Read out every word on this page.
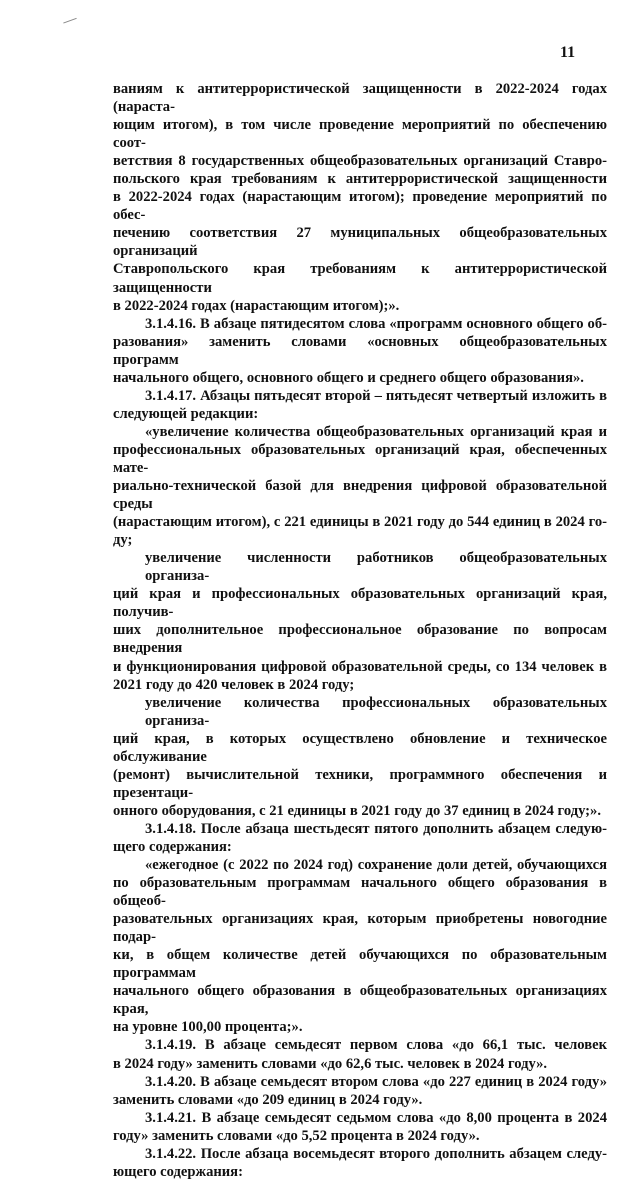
11

ваниям к антитеррористической защищенности в 2022-2024 годах (нараста-
ющим итогом), в том числе проведение мероприятий по обеспечению соот-
ветствия 8 государственных общеобразовательных организаций Ставро-
польского края требованиям к антитеррористической защищенности
в 2022-2024 годах (нарастающим итогом); проведение мероприятий по обес-
печению соответствия 27 муниципальных общеобразовательных организаций
Ставропольского края требованиям к антитеррористической защищенности
в 2022-2024 годах (нарастающим итогом);».

3.1.4.16. В абзаце пятидесятом слова «программ основного общего об-
разования» заменить словами «основных общеобразовательных программ
начального общего, основного общего и среднего общего образования».

3.1.4.17. Абзацы пятьдесят второй – пятьдесят четвертый изложить в
следующей редакции:

«увеличение количества общеобразовательных организаций края и
профессиональных образовательных организаций края, обеспеченных мате-
риально-технической базой для внедрения цифровой образовательной среды
(нарастающим итогом), с 221 единицы в 2021 году до 544 единиц в 2024 го-
ду;

увеличение численности работников общеобразовательных организа-
ций края и профессиональных образовательных организаций края, получив-
ших дополнительное профессиональное образование по вопросам внедрения
и функционирования цифровой образовательной среды, со 134 человек в
2021 году до 420 человек в 2024 году;

увеличение количества профессиональных образовательных организа-
ций края, в которых осуществлено обновление и техническое обслуживание
(ремонт) вычислительной техники, программного обеспечения и презентаци-
онного оборудования, с 21 единицы в 2021 году до 37 единиц в 2024 году;».

3.1.4.18. После абзаца шестьдесят пятого дополнить абзацем следую-
щего содержания:

«ежегодное (с 2022 по 2024 год) сохранение доли детей, обучающихся
по образовательным программам начального общего образования в общеоб-
разовательных организациях края, которым приобретены новогодние подар-
ки, в общем количестве детей обучающихся по образовательным программам
начального общего образования в общеобразовательных организациях края,
на уровне 100,00 процента;».

3.1.4.19. В абзаце семьдесят первом слова «до 66,1 тыс. человек
в 2024 году» заменить словами «до 62,6 тыс. человек в 2024 году».

3.1.4.20. В абзаце семьдесят втором слова «до 227 единиц в 2024 году»
заменить словами «до 209 единиц в 2024 году».

3.1.4.21. В абзаце семьдесят седьмом слова «до 8,00 процента в 2024
году» заменить словами «до 5,52 процента в 2024 году».

3.1.4.22. После абзаца восемьдесят второго дополнить абзацем следу-
ющего содержания:
